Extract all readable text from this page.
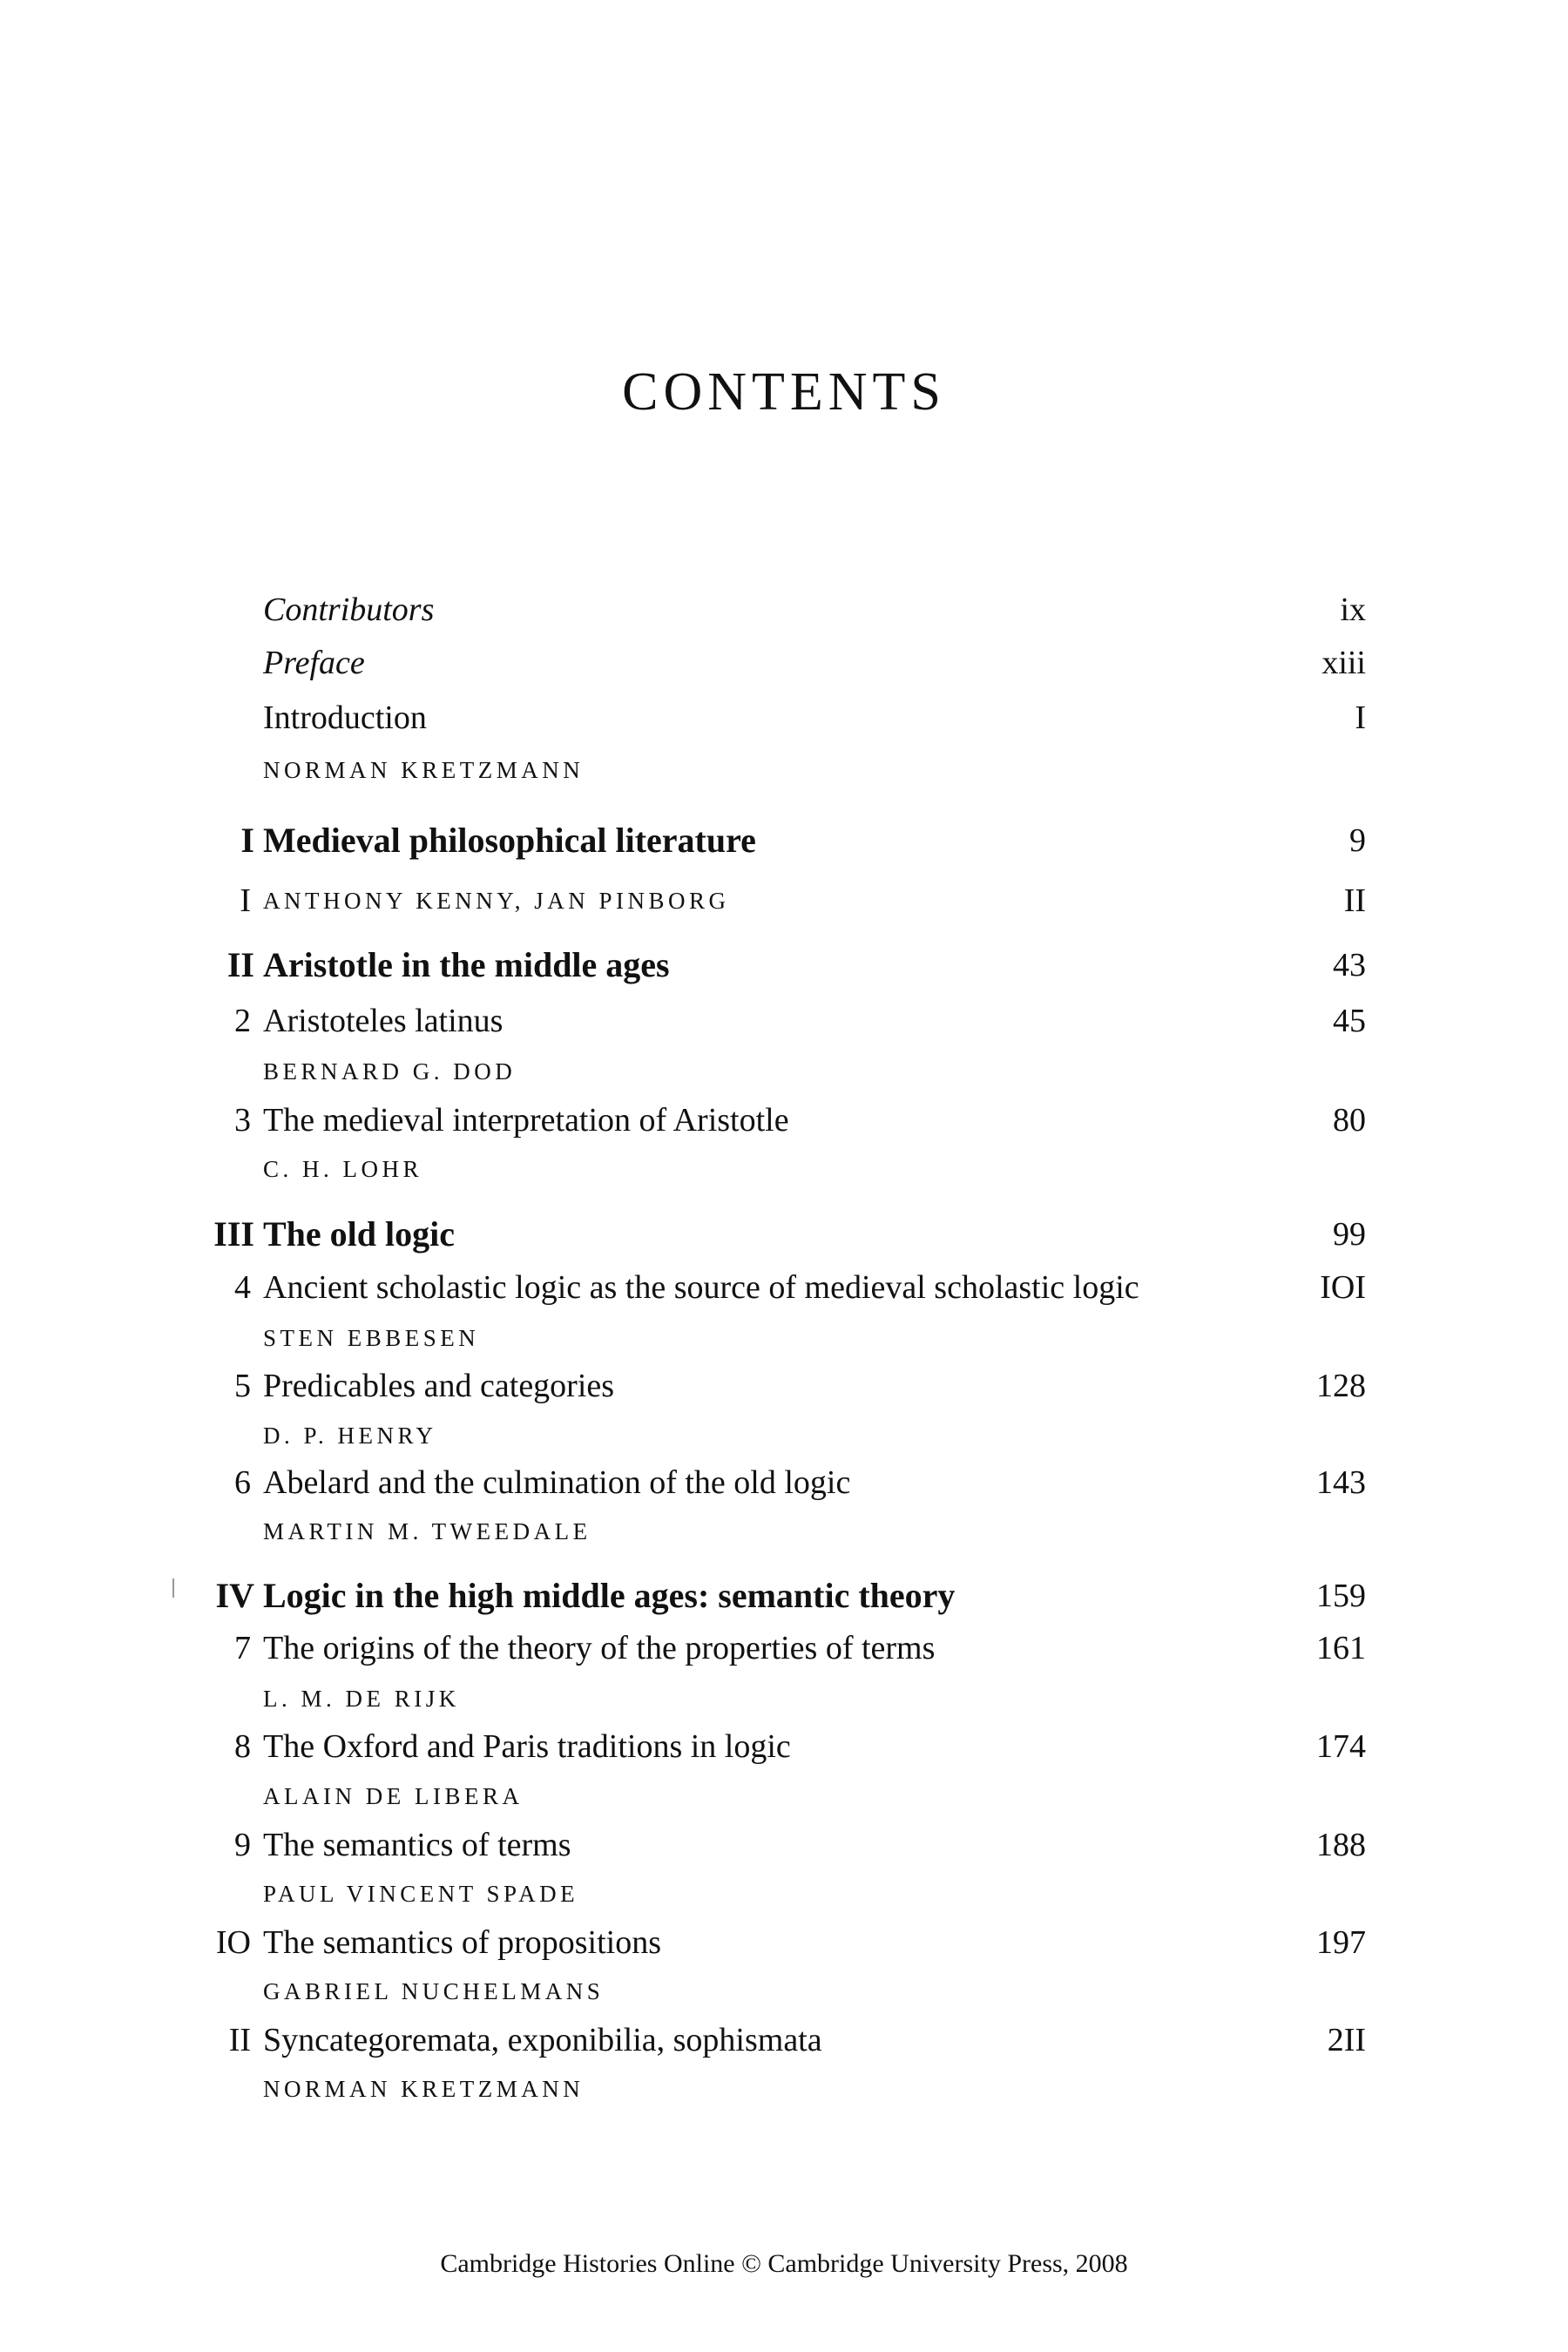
CONTENTS
Contributors	ix
Preface	xiii
Introduction	I
NORMAN KRETZMANN
I Medieval philosophical literature	9
I ANTHONY KENNY, JAN PINBORG	II
II Aristotle in the middle ages	43
2 Aristoteles latinus	45
BERNARD G. DOD
3 The medieval interpretation of Aristotle	80
C. H. LOHR
III The old logic	99
4 Ancient scholastic logic as the source of medieval scholastic logic	IOI
STEN EBBESEN
5 Predicables and categories	128
D. P. HENRY
6 Abelard and the culmination of the old logic	143
MARTIN M. TWEEDALE
IV Logic in the high middle ages: semantic theory	159
7 The origins of the theory of the properties of terms	161
L. M. DE RIJK
8 The Oxford and Paris traditions in logic	174
ALAIN DE LIBERA
9 The semantics of terms	188
PAUL VINCENT SPADE
IO The semantics of propositions	197
GABRIEL NUCHELMANS
II Syncategoremata, exponibilia, sophismata	2II
NORMAN KRETZMANN
Cambridge Histories Online © Cambridge University Press, 2008
